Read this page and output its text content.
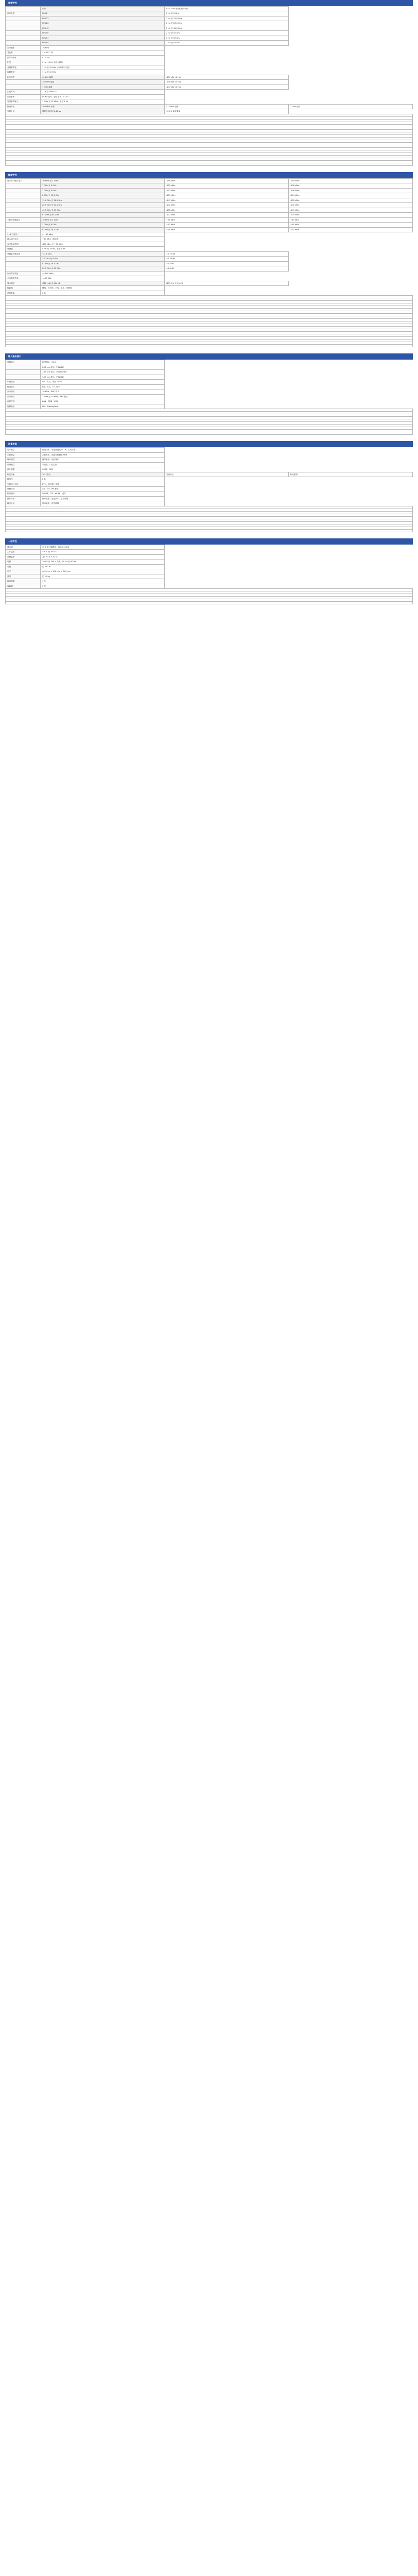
频率特性
	型号	R&S FSW 系列频谱分析仪	
频率范围	FSW8	2 Hz 至 8 GHz	
	FSW13	2 Hz 至 13.6 GHz	
	FSW26	2 Hz 至 26.5 GHz	
	FSW43	2 Hz 至 43.5 GHz	
	FSW50	2 Hz 至 50 GHz	
	FSW67	2 Hz 至 67 GHz	
	FSW85	2 Hz 至 85 GHz	
参考频率	10 MHz		
老化率	1 × 10⁻⁷ /年		
频率分辨率	0.01 Hz		
扫宽	0 Hz, 10 Hz 至最大频率		
分辨率带宽	1 Hz 至 10 MHz（1/2/3/5 步进）		
视频带宽	1 Hz 至 10 MHz		
相位噪声	10 kHz 偏置	-137 dBc (1 Hz)	
	100 kHz 偏置	-136 dBc (1 Hz)	
	1 MHz 偏置	-144 dBc (1 Hz)	
扫描时间	1 µs 至 16000 s		
内部参考	OCXO 选件，老化率 ±1 × 10⁻⁹		
外部参考输入	1 MHz 至 20 MHz，步进 1 Hz		
解调带宽	160 MHz 标准	512 MHz 选件	2 GHz 选件
实时分析	最短持续时间 0.46 µs	100 % 截获概率	

幅度特性
显示平均噪声电平	10 MHz 至 1 GHz	-156 dBm	-159 dBm
	1 GHz 至 3 GHz	-155 dBm	-158 dBm
	3 GHz 至 8 GHz	-153 dBm	-156 dBm
	8 GHz 至 13.6 GHz	-151 dBm	-154 dBm
	13.6 GHz 至 26.5 GHz	-147 dBm	-150 dBm
	26.5 GHz 至 43.5 GHz	-142 dBm	-145 dBm
	43.5 GHz 至 67 GHz	-138 dBm	-141 dBm
	67 GHz 至 85 GHz	-132 dBm	-135 dBm
三阶交调截取点	10 MHz 至 3 GHz	+25 dBm	+30 dBm
	3 GHz 至 8 GHz	+20 dBm	+25 dBm
	8 GHz 至 26.5 GHz	+15 dBm	+20 dBm
1 dB 压缩点	> +15 dBm		
最大输入电平	+30 dBm（连续波）		
参考电平范围	-130 dBm 至 +30 dBm		
衰减器	0 dB 至 79 dB，步进 1 dB		
总测量不确定度	< 3.6 GHz	±0.27 dB	
	3.6 GHz 至 8 GHz	±0.35 dB	
	8 GHz 至 26.5 GHz	±0.5 dB	
	26.5 GHz 至 85 GHz	±1.0 dB	
剩余寄生响应	< -100 dBm		
二次谐波失真	< -70 dBc		
显示刻度	对数 1 dB 至 200 dB	线性 0 % 至 100 %	
检波器	峰值、均方根、平均、采样、准峰值		
迹线数量	6 条		

输入输出接口
射频输入	N 型阴头，50 Ω
	2.92 mm 阳头（FSW43）
	1.85 mm 阳头（FSW50/67）
	1.00 mm 阳头（FSW85）
中频输出	BNC 阴头，中频 1 GHz
触发输入	BNC 阴头，TTL 电平
参考输出	10 MHz，BNC 阴头
参考输入	1 MHz 至 20 MHz，BNC 阴头
远程控制	LAN、GPIB、USB
视频输出	DVI、DisplayPort

测量功能
功率测量	信道功率、邻道泄漏比 ACLR、占用带宽		
杂散测量	杂散发射、频谱发射模板 SEM		
噪声测量	噪声系数、相位噪声		
时域测量	零扫宽、门控扫描		
统计测量	CCDF、APD		
标记功能	16 个标记	差值标记	标记跟踪
限值线	8 条		
矢量信号分析	EVM、星座图、眼图		
调制分析	AM、FM、PM 解调		
标准测试	5G NR、LTE、WLAN、蓝牙		
脉冲分析	脉冲宽度、重复频率、上升时间		
瞬态分析	频率跳变、线性调频		

一般特性
显示屏	12.1 英寸触摸屏，1280 × 800
工作温度	+5 ℃ 至 +40 ℃
存储温度	-40 ℃ 至 +70 ℃
电源	100 V 至 240 V 交流，50 Hz 至 60 Hz
功耗	约 460 W
尺寸	462 mm × 240 mm × 504 mm
重量	约 22 kg
校准周期	1 年
保修期	3 年
